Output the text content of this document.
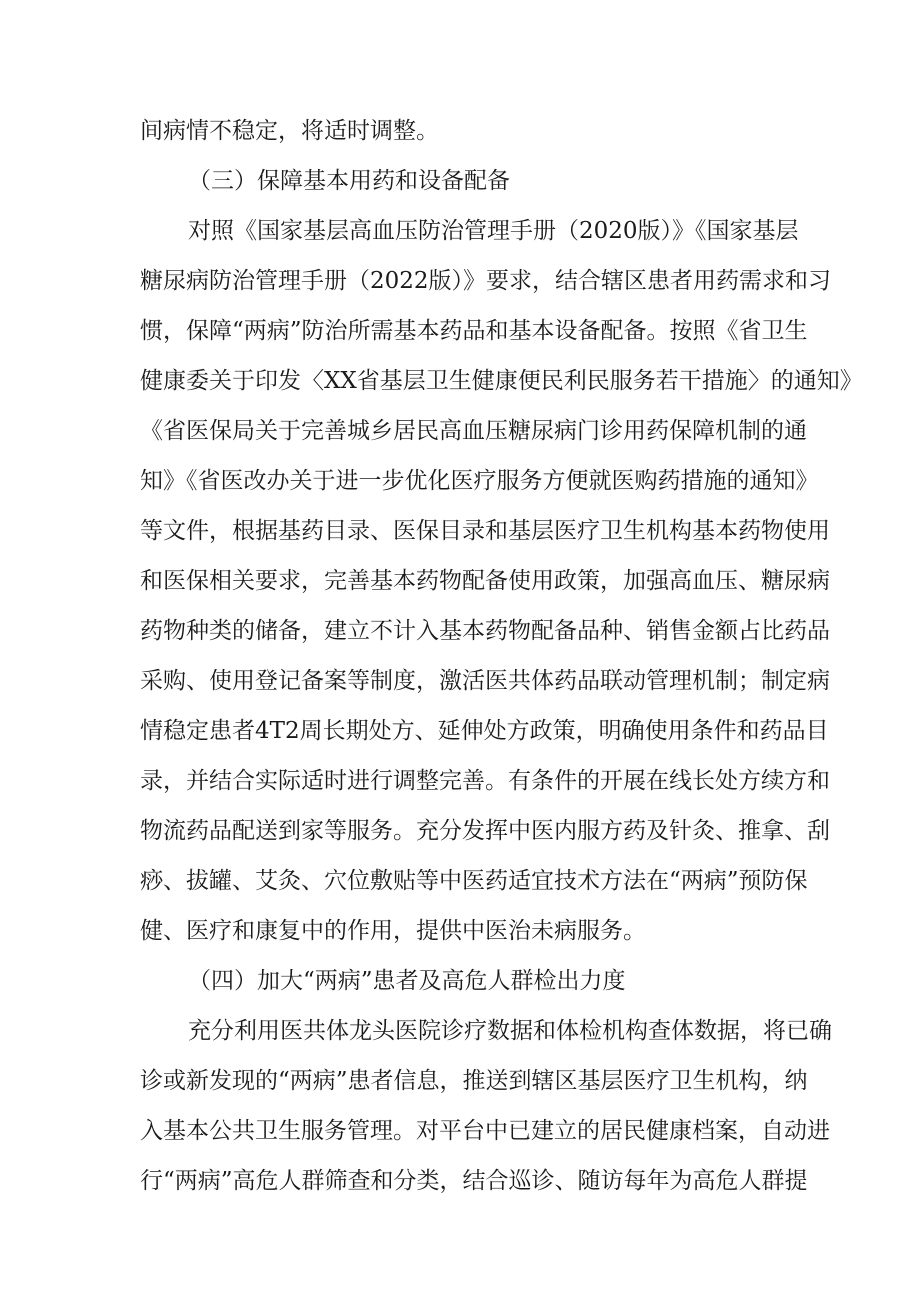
间病情不稳定，将适时调整。
（三）保障基本用药和设备配备
对照《国家基层高血压防治管理手册（2020版）》《国家基层
糖尿病防治管理手册（2022版）》要求，结合辖区患者用药需求和习
惯，保障“两病”防治所需基本药品和基本设备配备。按照《省卫生
健康委关于印发〈XX省基层卫生健康便民利民服务若干措施〉的通知》
《省医保局关于完善城乡居民高血压糖尿病门诊用药保障机制的通
知》《省医改办关于进一步优化医疗服务方便就医购药措施的通知》
等文件，根据基药目录、医保目录和基层医疗卫生机构基本药物使用
和医保相关要求，完善基本药物配备使用政策，加强高血压、糖尿病
药物种类的储备，建立不计入基本药物配备品种、销售金额占比药品
采购、使用登记备案等制度，激活医共体药品联动管理机制；制定病
情稳定患者4T2周长期处方、延伸处方政策，明确使用条件和药品目
录，并结合实际适时进行调整完善。有条件的开展在线长处方续方和
物流药品配送到家等服务。充分发挥中医内服方药及针灸、推拿、刮
痧、拔罐、艾灸、穴位敷贴等中医药适宜技术方法在“两病”预防保
健、医疗和康复中的作用，提供中医治未病服务。
（四）加大“两病”患者及高危人群检出力度
充分利用医共体龙头医院诊疗数据和体检机构查体数据，将已确
诊或新发现的“两病”患者信息，推送到辖区基层医疗卫生机构，纳
入基本公共卫生服务管理。对平台中已建立的居民健康档案，自动进
行“两病”高危人群筛查和分类，结合巡诊、随访每年为高危人群提
